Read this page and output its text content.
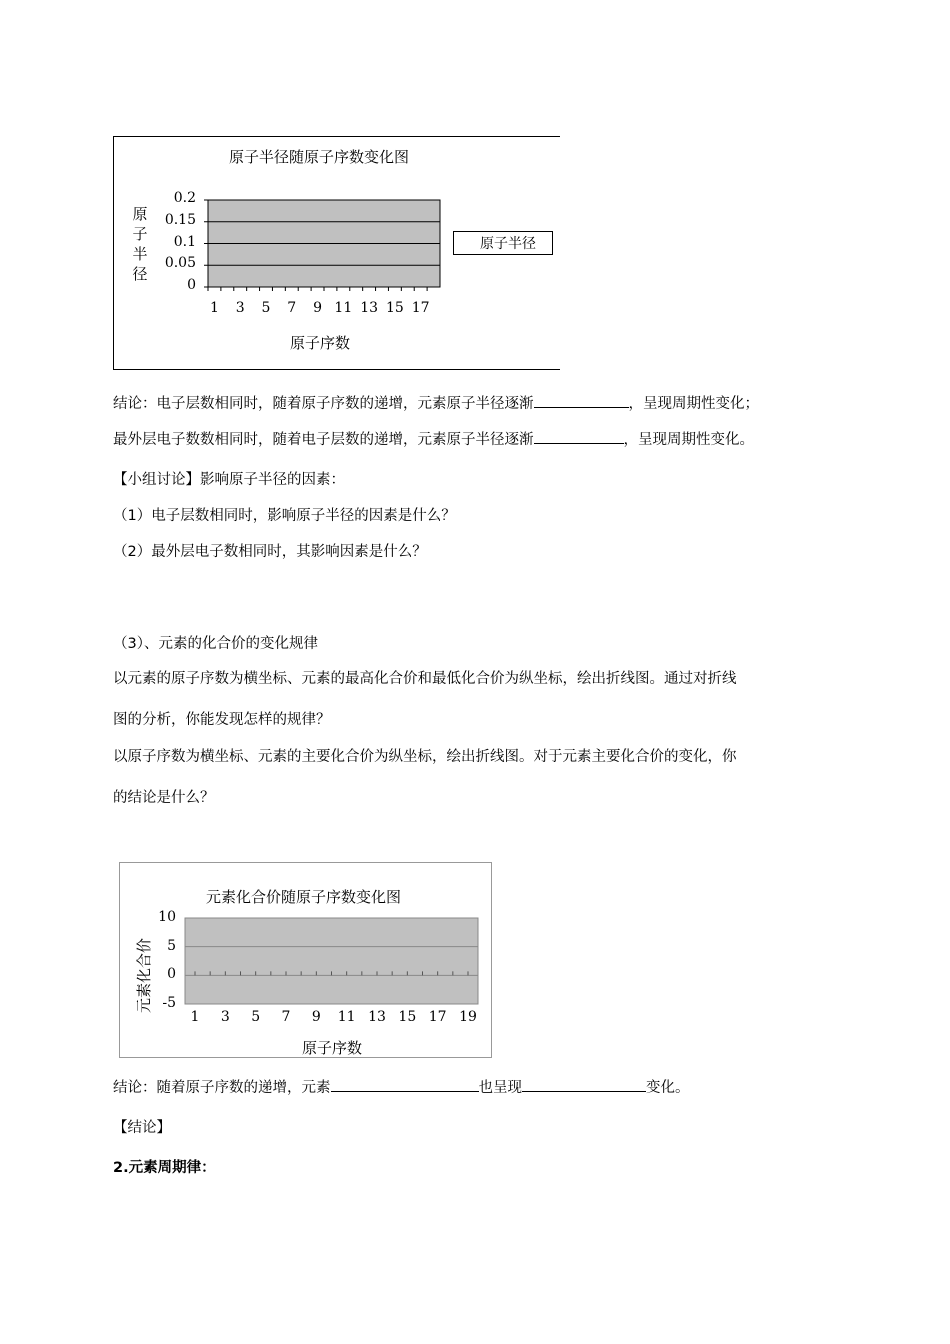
原子半径随原子序数变化图
原子半径
0.2
0.15
0.1
0.05
0
1 3 5 7 9 11 13 15 17
原子序数
原子半径
结论：电子层数相同时，随着原子序数的递增，元素原子半径逐渐	，呈现周期性变化；
最外层电子数数相同时，随着电子层数的递增，元素原子半径逐渐	，呈现周期性变化。
【小组讨论】影响原子半径的因素：
（1）电子层数相同时，影响原子半径的因素是什么？
（2）最外层电子数相同时，其影响因素是什么？
（3）、元素的化合价的变化规律
以元素的原子序数为横坐标、元素的最高化合价和最低化合价为纵坐标，绘出折线图。通过对折线
图的分析，你能发现怎样的规律？
以原子序数为横坐标、元素的主要化合价为纵坐标，绘出折线图。对于元素主要化合价的变化，你
的结论是什么？
元素化合价随原子序数变化图
元素化合价
10
5
0
-5
1 3 5 7 9 11 13 15 17 19
原子序数
结论：随着原子序数的递增，元素	也呈现	变化。
【结论】
2.元素周期律：
